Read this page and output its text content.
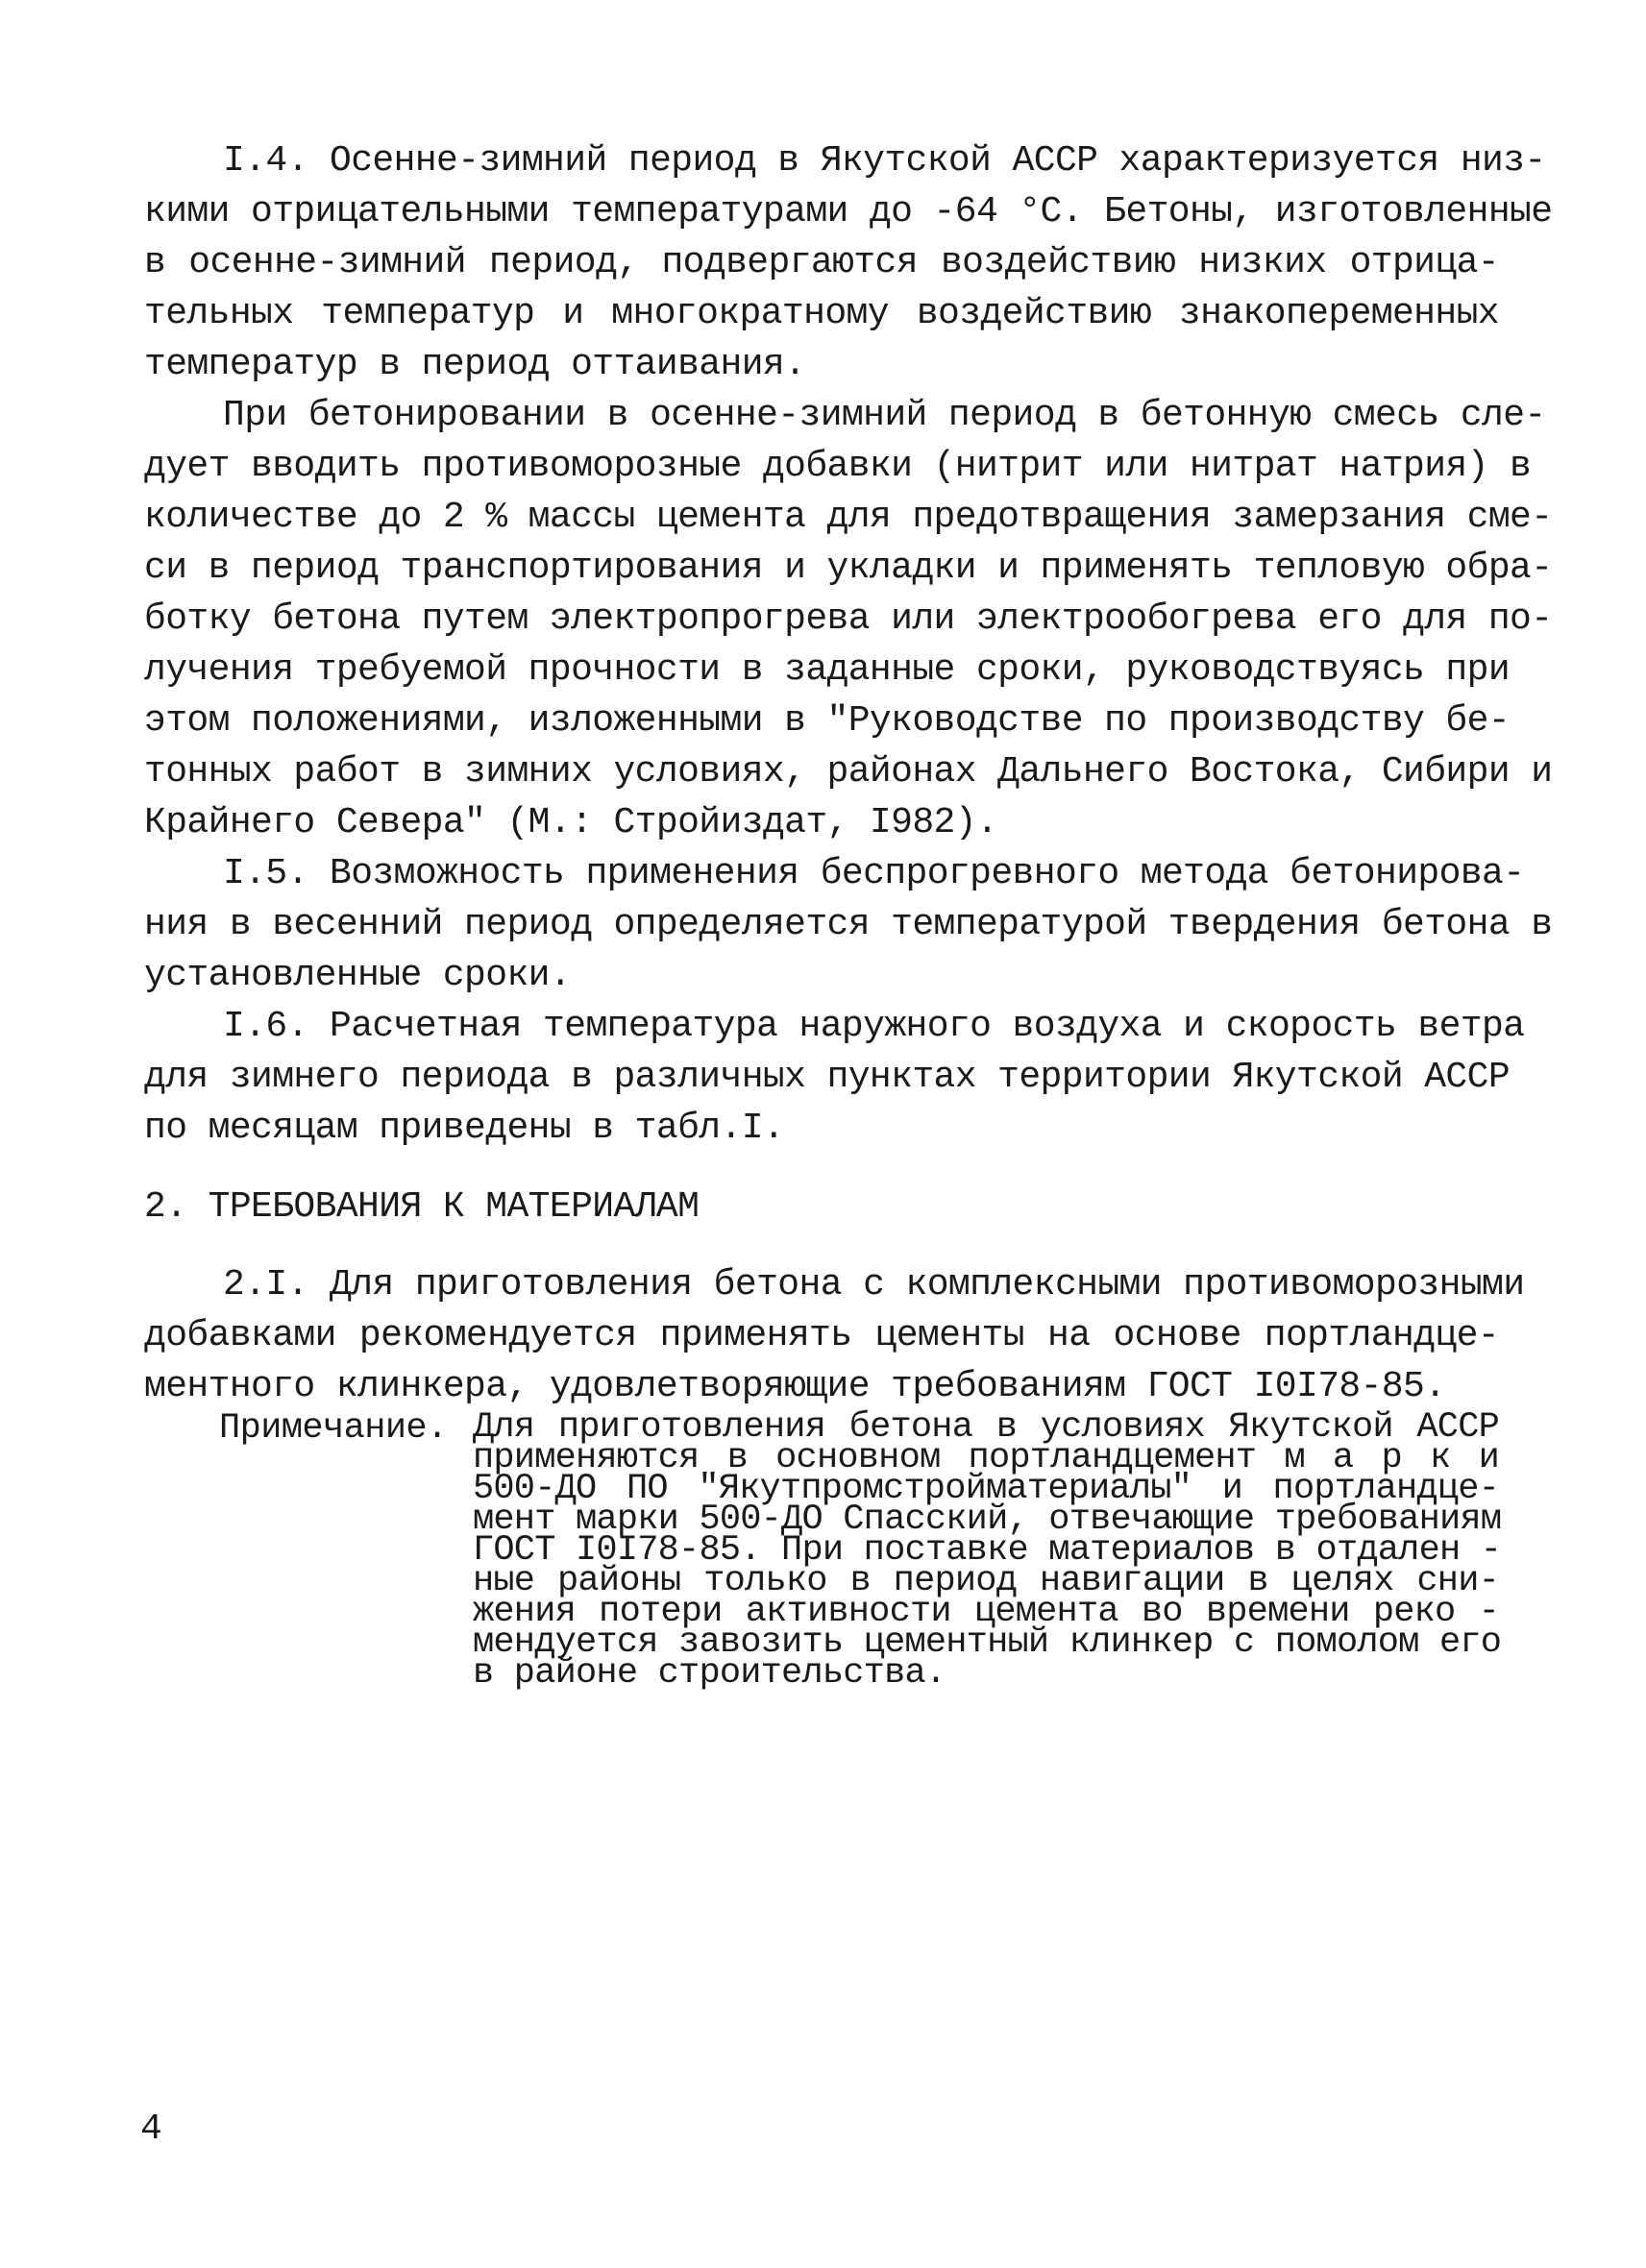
I.4. Осенне-зимний период в Якутской АССР характеризуется низ-
кими отрицательными температурами до -64 °С. Бетоны, изготовленные
в осенне-зимний период, подвергаются воздействию низких отрица-
тельных температур и многократному воздействию знакопеременных
температур в период оттаивания.
При бетонировании в осенне-зимний период в бетонную смесь сле-
дует вводить противоморозные добавки (нитрит или нитрат натрия) в
количестве до 2 % массы цемента для предотвращения замерзания сме-
си в период транспортирования и укладки и применять тепловую обра-
ботку бетона путем электропрогрева или электрообогрева его для по-
лучения требуемой прочности в заданные сроки, руководствуясь при
этом положениями, изложенными в "Руководстве по производству бе-
тонных работ в зимних условиях, районах Дальнего Востока, Сибири и
Крайнего Севера" (М.: Стройиздат, I982).
I.5. Возможность применения беспрогревного метода бетонирова-
ния в весенний период определяется температурой твердения бетона в
установленные сроки.
I.6. Расчетная температура наружного воздуха и скорость ветра
для зимнего периода в различных пунктах территории Якутской АССР
по месяцам приведены в табл.I.
2. ТРЕБОВАНИЯ К МАТЕРИАЛАМ
2.I. Для приготовления бетона с комплексными противоморозными
добавками рекомендуется применять цементы на основе портландце-
ментного клинкера, удовлетворяющие требованиям ГОСТ I0I78-85.
Примечание. Для приготовления бетона в условиях Якутской АССР
применяются в основном портландцемент м а р к и
500-ДО ПО "Якутпромстройматериалы" и портландце-
мент марки 500-ДО Спасский, отвечающие требованиям
ГОСТ I0I78-85. При поставке материалов в отдален -
ные районы только в период навигации в целях сни-
жения потери активности цемента во времени реко -
мендуется завозить цементный клинкер с помолом его
в районе строительства.
4
